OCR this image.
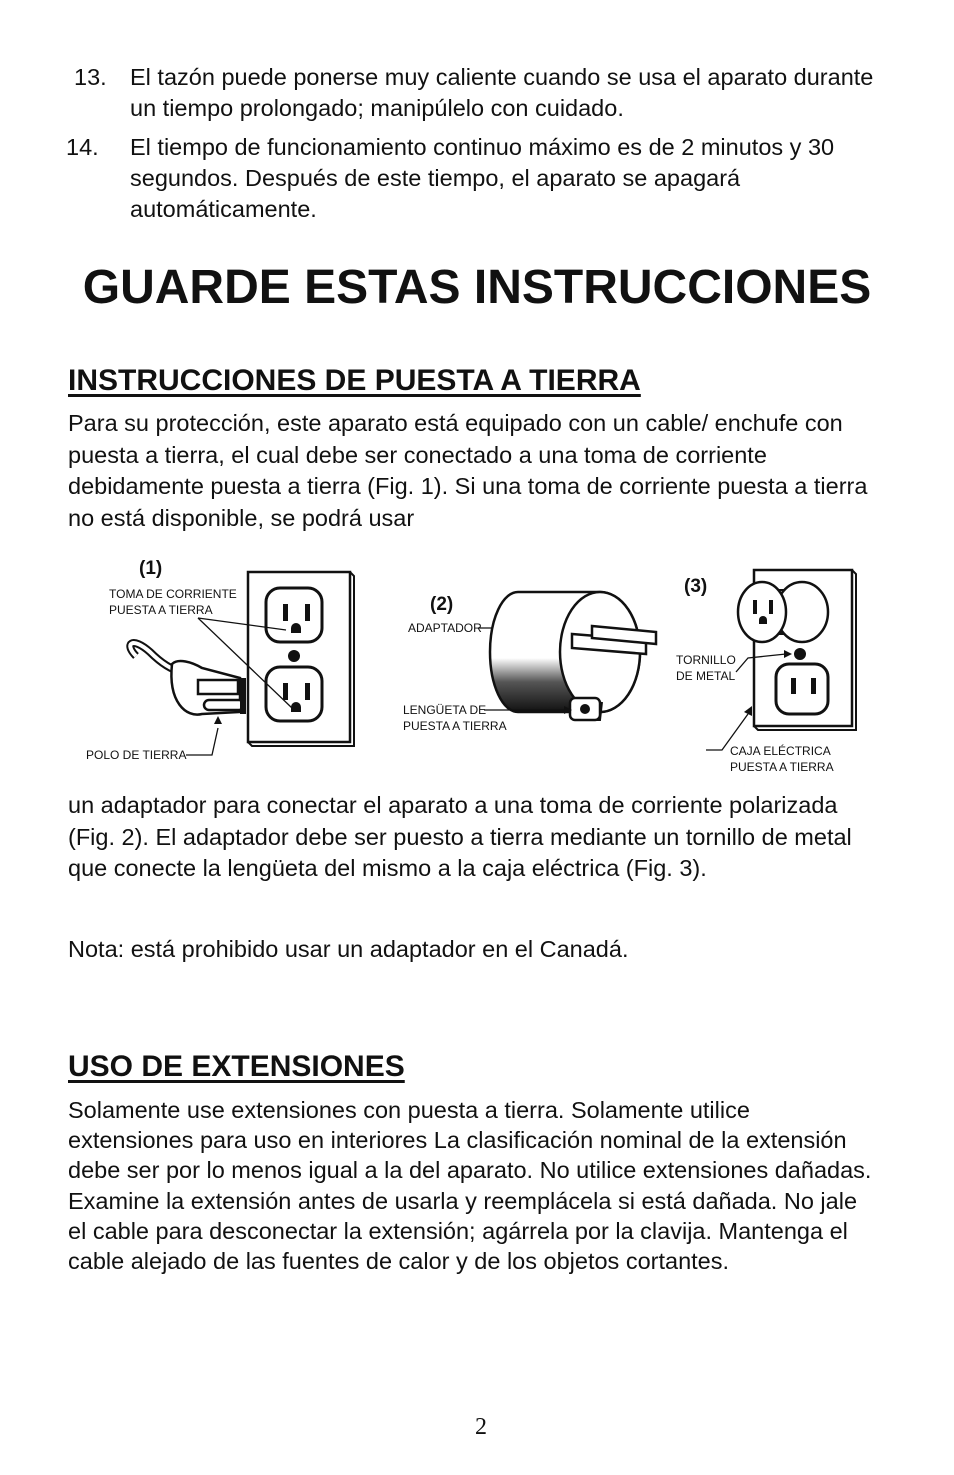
13. El tazón puede ponerse muy caliente cuando se usa el aparato durante un tiempo prolongado; manipúlelo con cuidado.
14. El tiempo de funcionamiento continuo máximo es de 2 minutos y 30 segundos. Después de este tiempo, el aparato se apagará automáticamente.
GUARDE ESTAS INSTRUCCIONES
INSTRUCCIONES DE PUESTA A TIERRA

Para su protección, este aparato está equipado con un cable/ enchufe con puesta a tierra, el cual debe ser conectado a una toma de corriente debidamente puesta a tierra (Fig. 1). Si una toma de corriente puesta a tierra no está disponible, se podrá usar

(1)
TOMA DE CORRIENTE
PUESTA A TIERRA
POLO DE TIERRA
(2)
ADAPTADOR
LENGÜETA DE
PUESTA A TIERRA
(3)
TORNILLO
DE METAL
CAJA ELÉCTRICA
PUESTA A TIERRA

un adaptador para conectar el aparato a una toma de corriente polarizada (Fig. 2). El adaptador debe ser puesto a tierra mediante un tornillo de metal que conecte la lengüeta del mismo a la caja eléctrica (Fig. 3).

Nota: está prohibido usar un adaptador en el Canadá.

USO DE EXTENSIONES

Solamente use extensiones con puesta a tierra. Solamente utilice extensiones para uso en interiores La clasificación nominal de la extensión debe ser por lo menos igual a la del aparato. No utilice extensiones dañadas. Examine la extensión antes de usarla y reemplácela si está dañada. No jale el cable para desconectar la extensión; agárrela por la clavija. Mantenga el cable alejado de las fuentes de calor y de los objetos cortantes.

2
